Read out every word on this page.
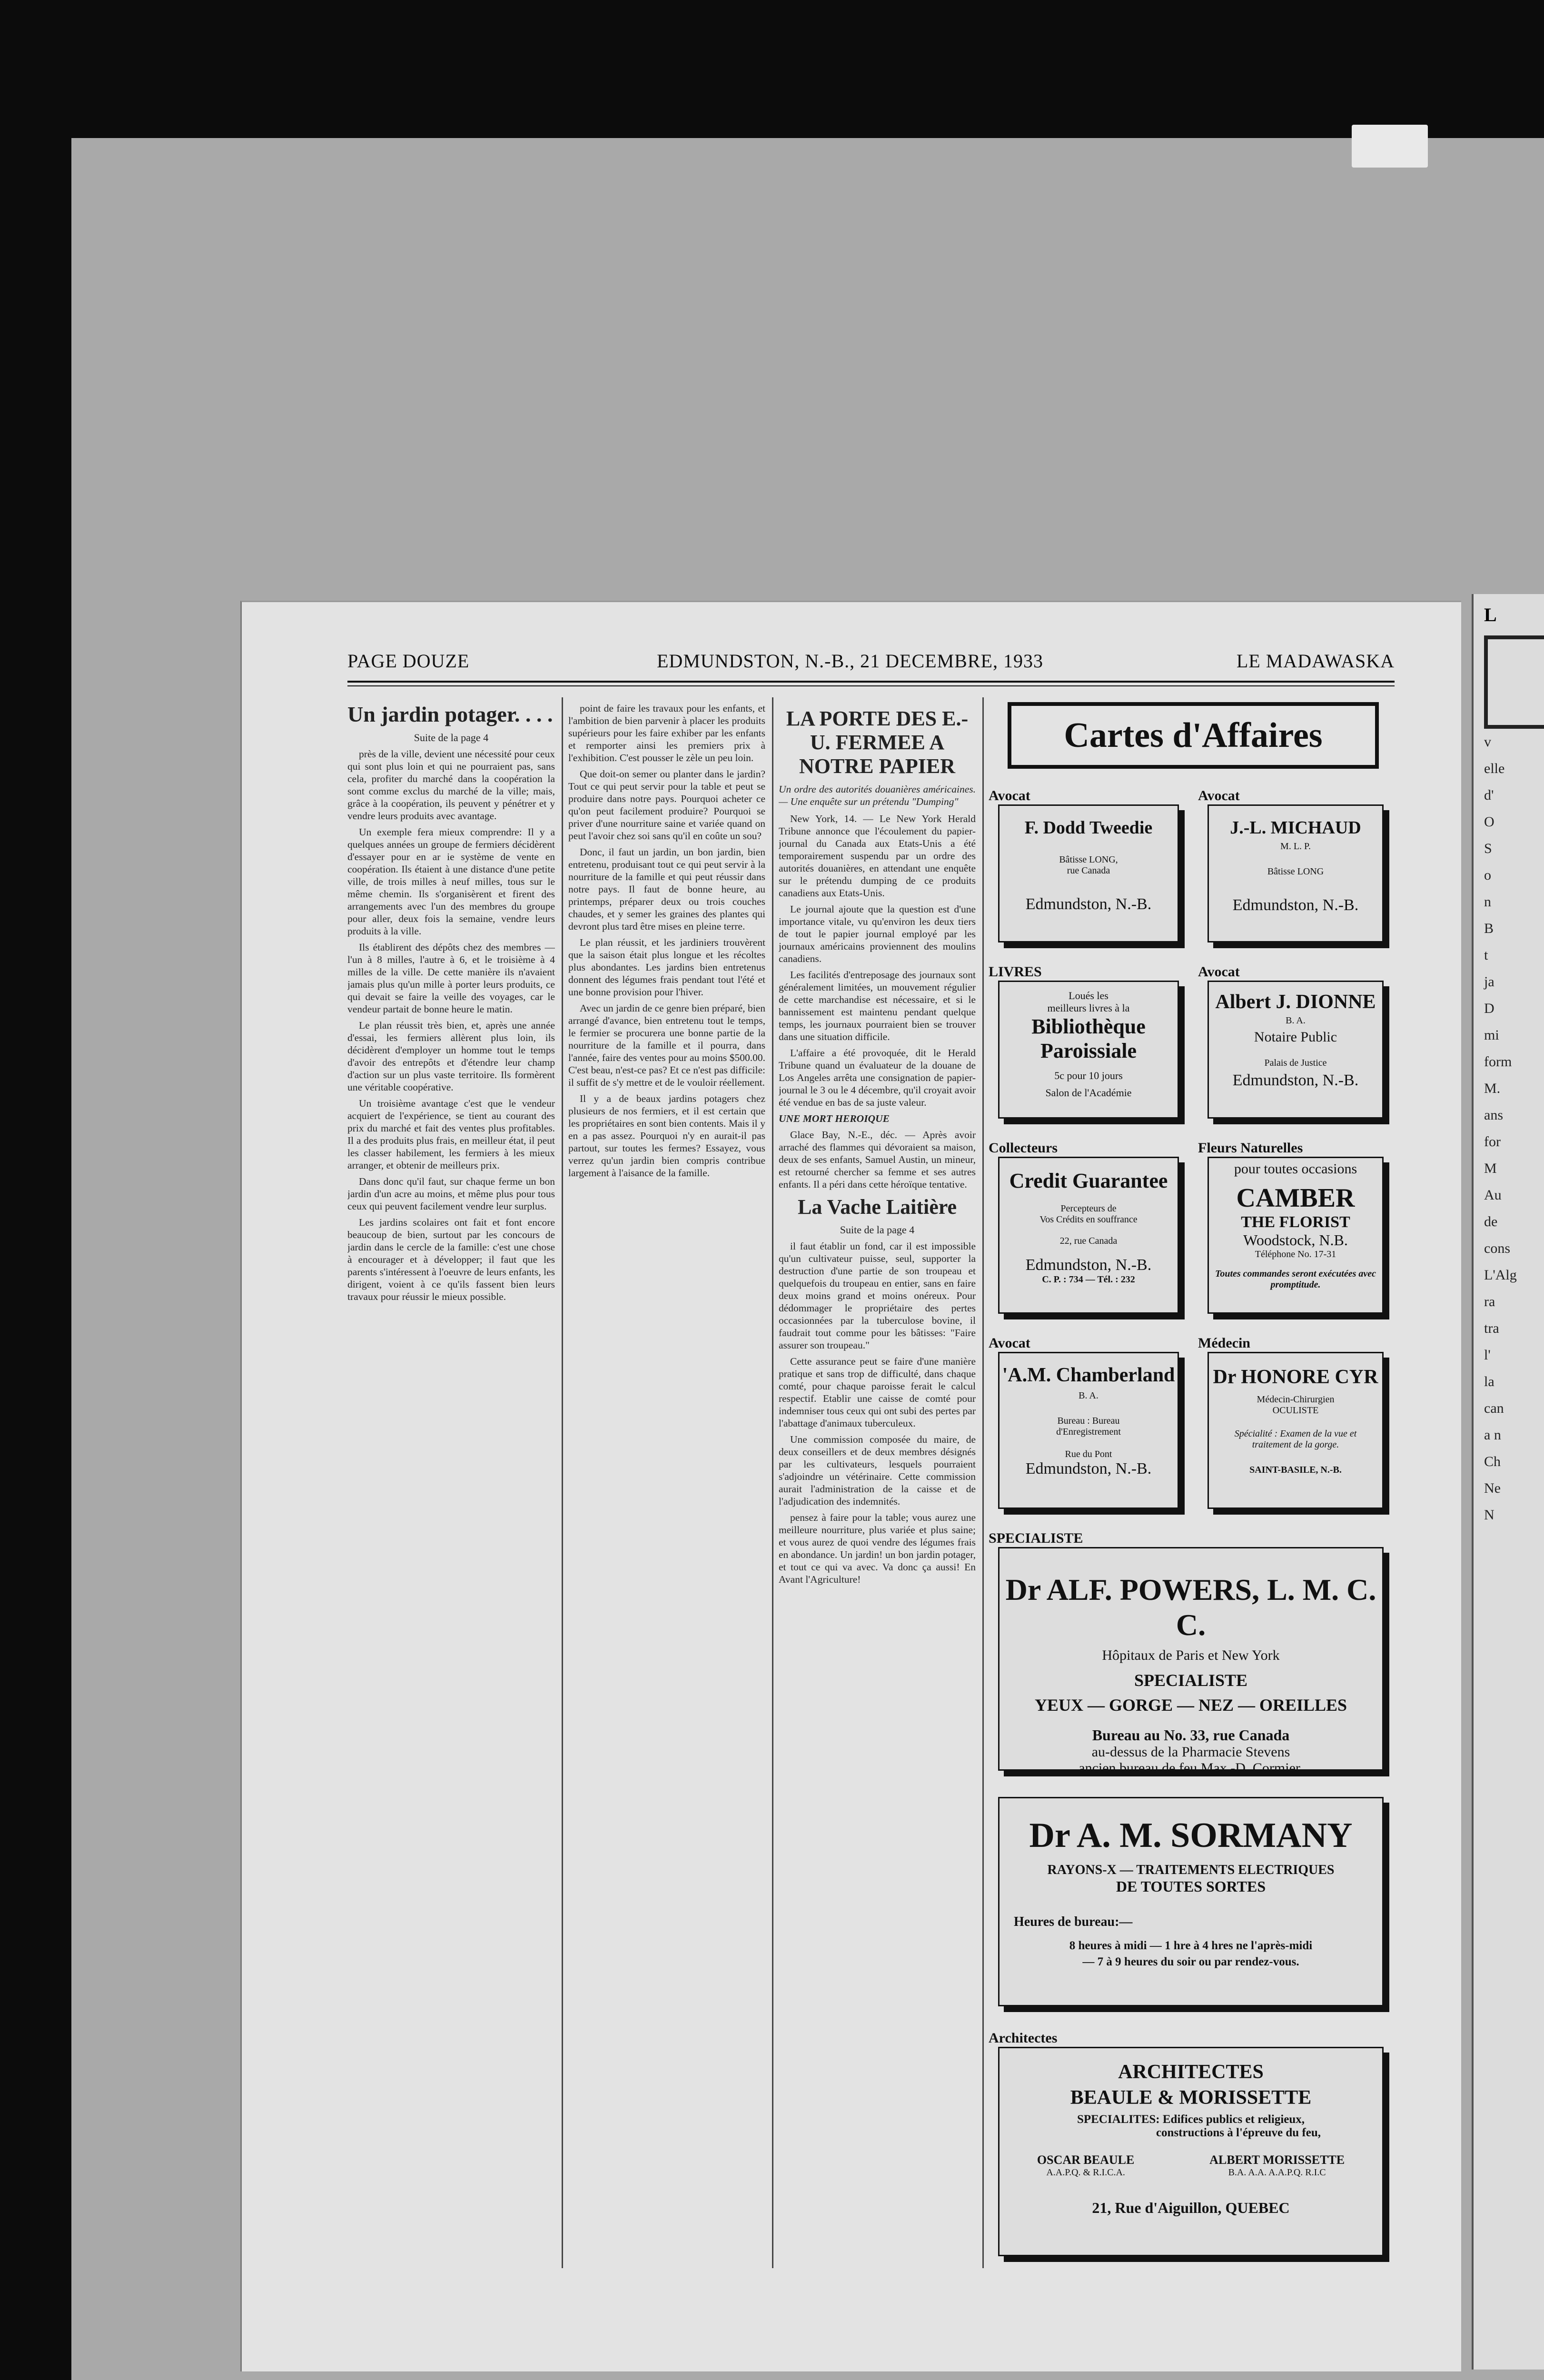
L
v
elle
d'
O
S
o
n
B
t
ja
D
mi
form
M.
ans
for
M
Au
de
cons
L'Alg
ra
tra
l'
la
can
a n
Ch
Ne
N
PAGE DOUZE	EDMUNDSTON, N.-B., 21 DECEMBRE, 1933	LE MADAWASKA
Un jardin potager. . . .

Suite de la page 4

près de la ville, devient une nécessité pour ceux qui sont plus loin et qui ne pourraient pas, sans cela, profiter du marché dans la coopération la sont comme exclus du marché de la ville; mais, grâce à la coopération, ils peuvent y pénétrer et y vendre leurs produits avec avantage.

Un exemple fera mieux comprendre: Il y a quelques années un groupe de fermiers décidèrent d'essayer pour en ar ie système de vente en coopération. Ils étaient à une distance d'une petite ville, de trois milles à neuf milles, tous sur le même chemin. Ils s'organisèrent et firent des arrangements avec l'un des membres du groupe pour aller, deux fois la semaine, vendre leurs produits à la ville.

Ils établirent des dépôts chez des membres — l'un à 8 milles, l'autre à 6, et le troisième à 4 milles de la ville. De cette manière ils n'avaient jamais plus qu'un mille à porter leurs produits, ce qui devait se faire la veille des voyages, car le vendeur partait de bonne heure le matin.

Le plan réussit très bien, et, après une année d'essai, les fermiers allèrent plus loin, ils décidèrent d'employer un homme tout le temps d'avoir des entrepôts et d'étendre leur champ d'action sur un plus vaste territoire. Ils formèrent une véritable coopérative.

Un troisième avantage c'est que le vendeur acquiert de l'expérience, se tient au courant des prix du marché et fait des ventes plus profitables. Il a des produits plus frais, en meilleur état, il peut les classer habilement, les fermiers à les mieux arranger, et obtenir de meilleurs prix.

Dans donc qu'il faut, sur chaque ferme un bon jardin d'un acre au moins, et même plus pour tous ceux qui peuvent facilement vendre leur surplus.

Les jardins scolaires ont fait et font encore beaucoup de bien, surtout par les concours de jardin dans le cercle de la famille: c'est une chose à encourager et à développer; il faut que les parents s'intéressent à l'oeuvre de leurs enfants, les dirigent, voient à ce qu'ils fassent bien leurs travaux pour réussir le mieux possible.

point de faire les travaux pour les enfants, et l'ambition de bien parvenir à placer les produits supérieurs pour les faire exhiber par les enfants et remporter ainsi les premiers prix à l'exhibition. C'est pousser le zèle un peu loin.

Que doit-on semer ou planter dans le jardin? Tout ce qui peut servir pour la table et peut se produire dans notre pays. Pourquoi acheter ce qu'on peut facilement produire? Pourquoi se priver d'une nourriture saine et variée quand on peut l'avoir chez soi sans qu'il en coûte un sou?

Donc, il faut un jardin, un bon jardin, bien entretenu, produisant tout ce qui peut servir à la nourriture de la famille et qui peut réussir dans notre pays. Il faut de bonne heure, au printemps, préparer deux ou trois couches chaudes, et y semer les graines des plantes qui devront plus tard être mises en pleine terre.

Le plan réussit, et les jardiniers trouvèrent que la saison était plus longue et les récoltes plus abondantes. Les jardins bien entretenus donnent des légumes frais pendant tout l'été et une bonne provision pour l'hiver.

Avec un jardin de ce genre bien préparé, bien arrangé d'avance, bien entretenu tout le temps, le fermier se procurera une bonne partie de la nourriture de la famille et il pourra, dans l'année, faire des ventes pour au moins $500.00. C'est beau, n'est-ce pas? Et ce n'est pas difficile: il suffit de s'y mettre et de le vouloir réellement.

Il y a de beaux jardins potagers chez plusieurs de nos fermiers, et il est certain que les propriétaires en sont bien contents. Mais il y en a pas assez. Pourquoi n'y en aurait-il pas partout, sur toutes les fermes? Essayez, vous verrez qu'un jardin bien compris contribue largement à l'aisance de la famille.

LA PORTE DES E.-U. FERMEE A NOTRE PAPIER

Un ordre des autorités douanières américaines. — Une enquête sur un prétendu "Dumping"

New York, 14. — Le New York Herald Tribune annonce que l'écoulement du papier-journal du Canada aux Etats-Unis a été temporairement suspendu par un ordre des autorités douanières, en attendant une enquête sur le prétendu dumping de ce produits canadiens aux Etats-Unis.

Le journal ajoute que la question est d'une importance vitale, vu qu'environ les deux tiers de tout le papier journal employé par les journaux américains proviennent des moulins canadiens.

Les facilités d'entreposage des journaux sont généralement limitées, un mouvement régulier de cette marchandise est nécessaire, et si le bannissement est maintenu pendant quelque temps, les journaux pourraient bien se trouver dans une situation difficile.

L'affaire a été provoquée, dit le Herald Tribune quand un évaluateur de la douane de Los Angeles arrêta une consignation de papier-journal le 3 ou le 4 décembre, qu'il croyait avoir été vendue en bas de sa juste valeur.

UNE MORT HEROIQUE

Glace Bay, N.-E., déc. — Après avoir arraché des flammes qui dévoraient sa maison, deux de ses enfants, Samuel Austin, un mineur, est retourné chercher sa femme et ses autres enfants. Il a péri dans cette héroïque tentative.

La Vache Laitière

Suite de la page 4

il faut établir un fond, car il est impossible qu'un cultivateur puisse, seul, supporter la destruction d'une partie de son troupeau et quelquefois du troupeau en entier, sans en faire deux moins grand et moins onéreux. Pour dédommager le propriétaire des pertes occasionnées par la tuberculose bovine, il faudrait tout comme pour les bâtisses: "Faire assurer son troupeau."

Cette assurance peut se faire d'une manière pratique et sans trop de difficulté, dans chaque comté, pour chaque paroisse ferait le calcul respectif. Etablir une caisse de comté pour indemniser tous ceux qui ont subi des pertes par l'abattage d'animaux tuberculeux.

Une commission composée du maire, de deux conseillers et de deux membres désignés par les cultivateurs, lesquels pourraient s'adjoindre un vétérinaire. Cette commission aurait l'administration de la caisse et de l'adjudication des indemnités.

pensez à faire pour la table; vous aurez une meilleure nourriture, plus variée et plus saine; et vous aurez de quoi vendre des légumes frais en abondance. Un jardin! un bon jardin potager, et tout ce qui va avec. Va donc ça aussi! En Avant l'Agriculture!

Cartes d'Affaires
Avocat
F. Dodd Tweedie
Bâtisse LONG,
rue Canada
Edmundston, N.-B.
Avocat
J.-L. MICHAUD
M. L. P.
Bâtisse LONG
Edmundston, N.-B.
LIVRES
Loués les
meilleurs livres à la
Bibliothèque
Paroissiale
5c pour 10 jours
Salon de l'Académie
Avocat
Albert J. DIONNE
B. A.
Notaire Public
Palais de Justice
Edmundston, N.-B.
Collecteurs
Credit Guarantee
Percepteurs de
Vos Crédits en souffrance
22, rue Canada
Edmundston, N.-B.
C. P. : 734 — Tél. : 232
Fleurs Naturelles
pour toutes occasions
CAMBER
THE FLORIST
Woodstock, N.B.
Téléphone No. 17-31
Toutes commandes seront exécutées avec promptitude.
Avocat
'A.M. Chamberland
B. A.
Bureau : Bureau
d'Enregistrement
Rue du Pont
Edmundston, N.-B.
Médecin
Dr HONORE CYR
Médecin-Chirurgien
OCULISTE
Spécialité : Examen de la vue et traitement de la gorge.
SAINT-BASILE, N.-B.
SPECIALISTE
Dr ALF. POWERS, L. M. C. C.
Hôpitaux de Paris et New York
SPECIALISTE
YEUX — GORGE — NEZ — OREILLES
Bureau au No. 33, rue Canada
au-dessus de la Pharmacie Stevens
ancien bureau de feu Max.-D. Cormier.
Dr A. M. SORMANY
RAYONS-X — TRAITEMENTS ELECTRIQUES
DE TOUTES SORTES
Heures de bureau:—
8 heures à midi — 1 hre à 4 hres ne l'après-midi
— 7 à 9 heures du soir ou par rendez-vous.
Architectes
ARCHITECTES
BEAULE & MORISSETTE
SPECIALITES: Edifices publics et religieux,
constructions à l'épreuve du feu,
OSCAR BEAULE
A.A.P.Q. & R.I.C.A.
ALBERT MORISSETTE
B.A. A.A. A.A.P.Q. R.I.C
21, Rue d'Aiguillon, QUEBEC
